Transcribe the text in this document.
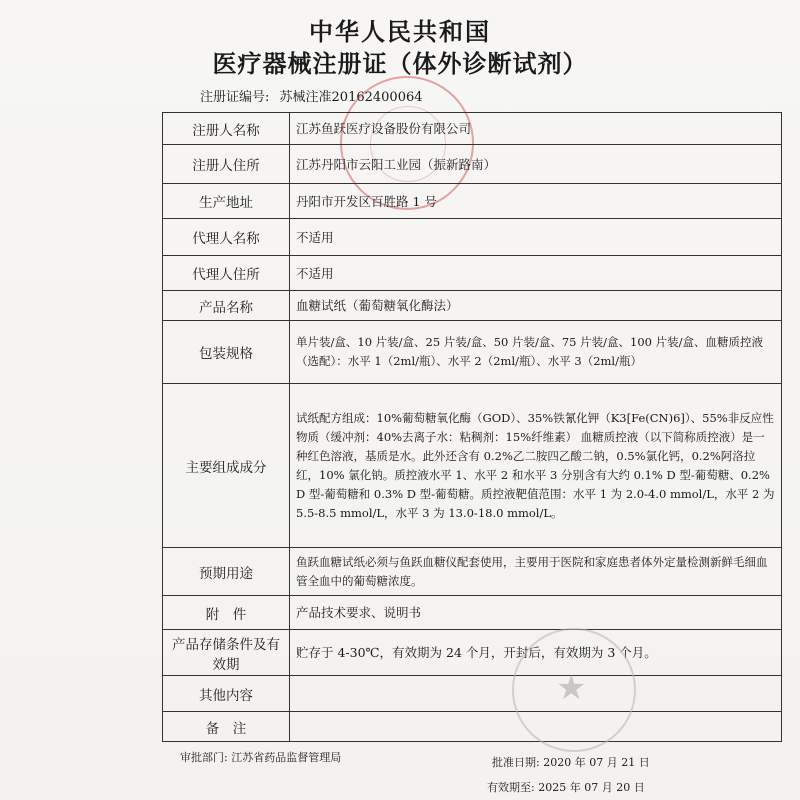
中华人民共和国
医疗器械注册证（体外诊断试剂）
注册证编号: 苏械注准20162400064
注册人名称	江苏鱼跃医疗设备股份有限公司
注册人住所	江苏丹阳市云阳工业园（振新路南）
生产地址	丹阳市开发区百胜路 1 号
代理人名称	不适用
代理人住所	不适用
产品名称	血糖试纸（葡萄糖氧化酶法）
包装规格	单片装/盒、10 片装/盒、25 片装/盒、50 片装/盒、75 片装/盒、100 片装/盒、血糖质控液（选配）：水平 1（2ml/瓶）、水平 2（2ml/瓶）、水平 3（2ml/瓶）
主要组成成分	试纸配方组成：10%葡萄糖氧化酶（GOD）、35%铁氰化钾（K3[Fe(CN)6]）、55%非反应性物质（缓冲剂：40%去离子水：粘稠剂：15%纤维素） 血糖质控液（以下简称质控液）是一种红色溶液，基质是水。此外还含有 0.2%乙二胺四乙酸二钠，0.5%氯化钙，0.2%阿洛拉红，10% 氯化钠。质控液水平 1、水平 2 和水平 3 分别含有大约 0.1% D 型-葡萄糖、0.2% D 型-葡萄糖和 0.3% D 型-葡萄糖。质控液靶值范围：水平 1 为 2.0-4.0 mmol/L，水平 2 为 5.5-8.5 mmol/L，水平 3 为 13.0-18.0 mmol/L。
预期用途	鱼跃血糖试纸必须与鱼跃血糖仪配套使用，主要用于医院和家庭患者体外定量检测新鲜毛细血管全血中的葡萄糖浓度。
附　件	产品技术要求、说明书
产品存储条件及有效期	贮存于 4-30℃，有效期为 24 个月，开封后，有效期为 3 个月。
其他内容	
备　注	
★
审批部门: 江苏省药品监督管理局	批准日期: 2020 年 07 月 21 日
有效期至: 2025 年 07 月 20 日
